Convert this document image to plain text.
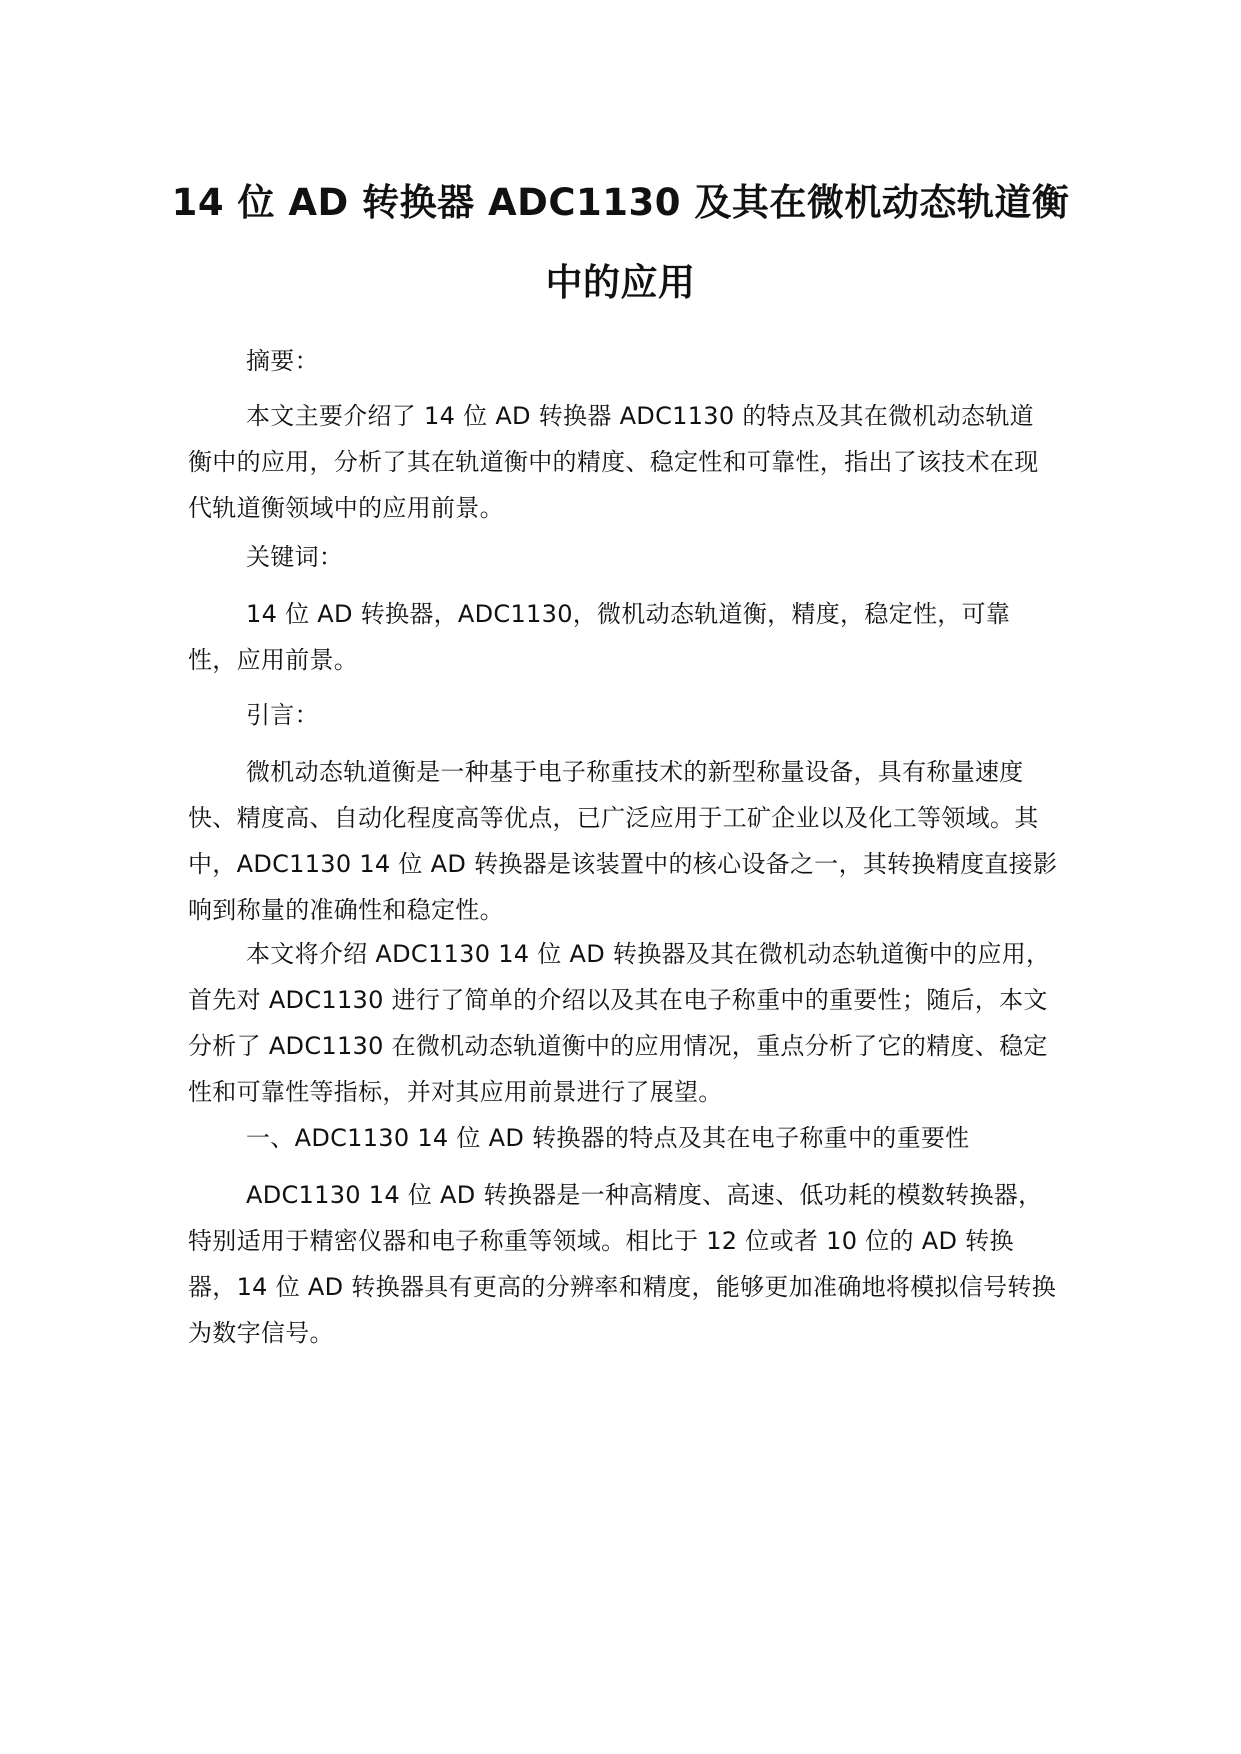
14 位 AD 转换器 ADC1130 及其在微机动态轨道衡
中的应用

摘要：

本文主要介绍了 14 位 AD 转换器 ADC1130 的特点及其在微机动态轨道衡中的应用，分析了其在轨道衡中的精度、稳定性和可靠性，指出了该技术在现代轨道衡领域中的应用前景。

关键词：

14 位 AD 转换器，ADC1130，微机动态轨道衡，精度，稳定性，可靠性，应用前景。

引言：

微机动态轨道衡是一种基于电子称重技术的新型称量设备，具有称量速度快、精度高、自动化程度高等优点，已广泛应用于工矿企业以及化工等领域。其中，ADC1130 14 位 AD 转换器是该装置中的核心设备之一，其转换精度直接影响到称量的准确性和稳定性。

本文将介绍 ADC1130 14 位 AD 转换器及其在微机动态轨道衡中的应用，首先对 ADC1130 进行了简单的介绍以及其在电子称重中的重要性；随后，本文分析了 ADC1130 在微机动态轨道衡中的应用情况，重点分析了它的精度、稳定性和可靠性等指标，并对其应用前景进行了展望。

一、ADC1130 14 位 AD 转换器的特点及其在电子称重中的重要性

ADC1130 14 位 AD 转换器是一种高精度、高速、低功耗的模数转换器，特别适用于精密仪器和电子称重等领域。相比于 12 位或者 10 位的 AD 转换器，14 位 AD 转换器具有更高的分辨率和精度，能够更加准确地将模拟信号转换为数字信号。
